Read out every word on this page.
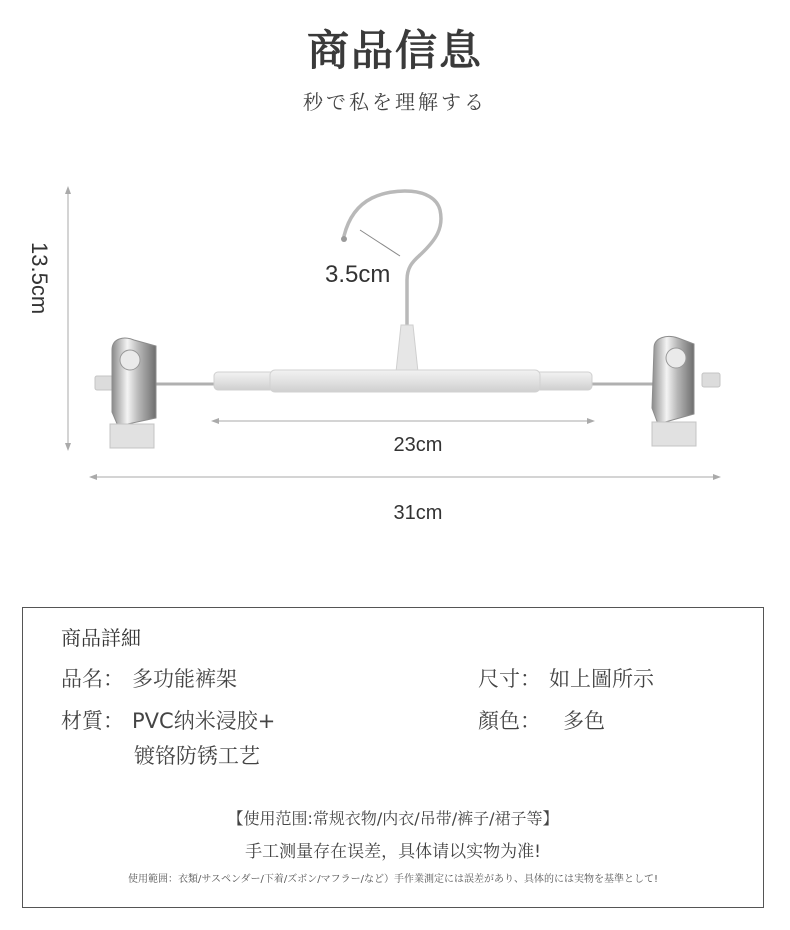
商品信息
秒で私を理解する
13.5cm	3.5cm
23cm
31cm
商品詳細
品名： 多功能裤架	尺寸： 如上圖所示
材質： PVC纳米浸胶+
镀铬防锈工艺
顏色： 多色
【使用范围:常规衣物/内衣/吊带/裤子/裙子等】
手工测量存在误差，具体请以实物为准!
使用範囲：衣類/サスペンダー/下着/ズボン/マフラー/など）手作業測定には誤差があり、具体的には実物を基準として!
